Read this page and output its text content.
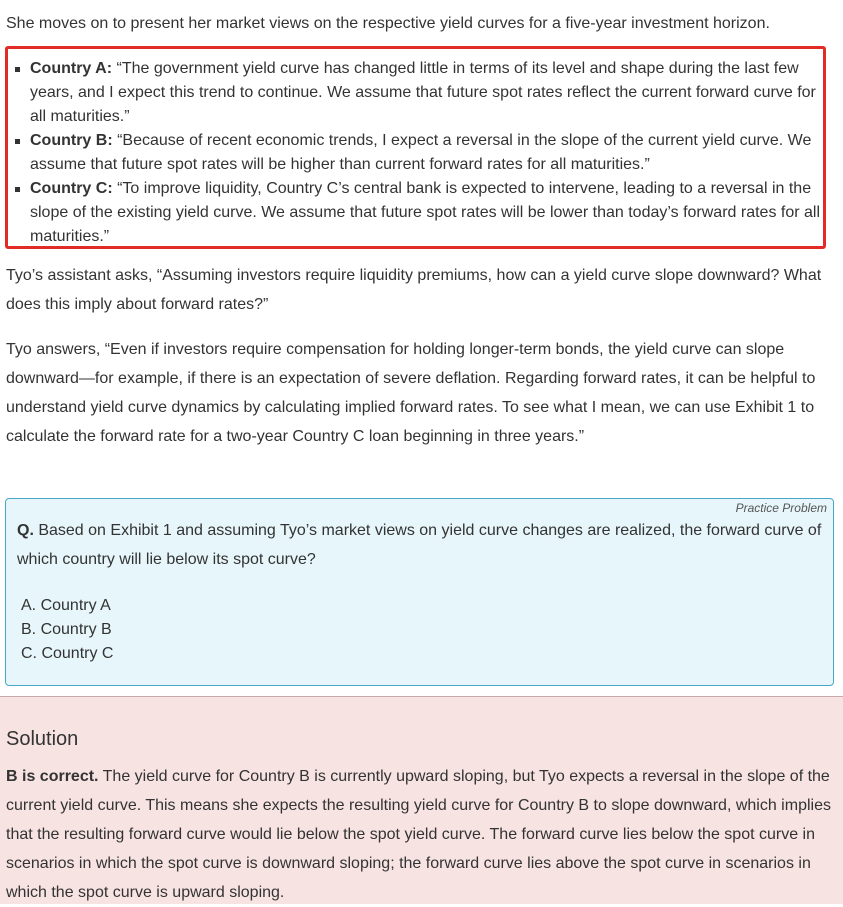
She moves on to present her market views on the respective yield curves for a five-year investment horizon.

Country A: “The government yield curve has changed little in terms of its level and shape during the last few years, and I expect this trend to continue. We assume that future spot rates reflect the current forward curve for all maturities.”
Country B: “Because of recent economic trends, I expect a reversal in the slope of the current yield curve. We assume that future spot rates will be higher than current forward rates for all maturities.”
Country C: “To improve liquidity, Country C’s central bank is expected to intervene, leading to a reversal in the slope of the existing yield curve. We assume that future spot rates will be lower than today’s forward rates for all maturities.”

Tyo’s assistant asks, “Assuming investors require liquidity premiums, how can a yield curve slope downward? What does this imply about forward rates?”

Tyo answers, “Even if investors require compensation for holding longer-term bonds, the yield curve can slope downward—for example, if there is an expectation of severe deflation. Regarding forward rates, it can be helpful to understand yield curve dynamics by calculating implied forward rates. To see what I mean, we can use Exhibit 1 to calculate the forward rate for a two-year Country C loan beginning in three years.”

Practice Problem

Q. Based on Exhibit 1 and assuming Tyo’s market views on yield curve changes are realized, the forward curve of which country will lie below its spot curve?

A. Country A
B. Country B
C. Country C
Solution

B is correct. The yield curve for Country B is currently upward sloping, but Tyo expects a reversal in the slope of the current yield curve. This means she expects the resulting yield curve for Country B to slope downward, which implies that the resulting forward curve would lie below the spot yield curve. The forward curve lies below the spot curve in scenarios in which the spot curve is downward sloping; the forward curve lies above the spot curve in scenarios in which the spot curve is upward sloping.
